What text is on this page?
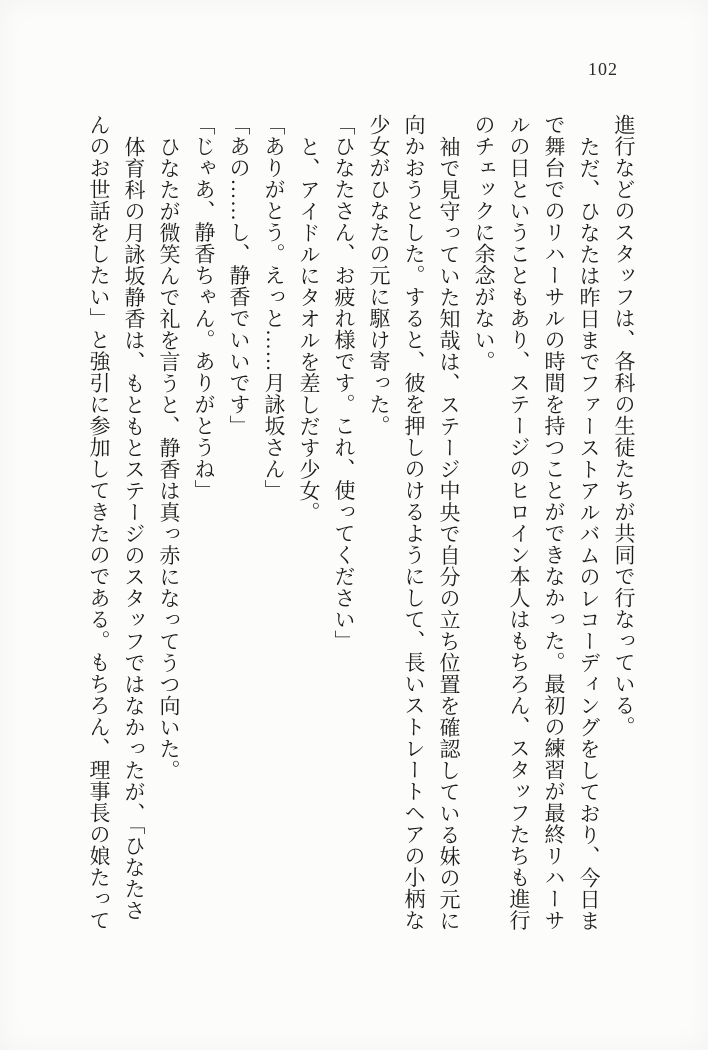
102
進行などのスタッフは、各科の生徒たちが共同で行なっている。
ただ、ひなたは昨日までファーストアルバムのレコーディングをしており、今日ま
で舞台でのリハーサルの時間を持つことができなかった。最初の練習が最終リハーサ
ルの日ということもあり、ステージのヒロイン本人はもちろん、スタッフたちも進行
のチェックに余念がない。
袖で見守っていた知哉は、ステージ中央で自分の立ち位置を確認している妹の元に
向かおうとした。すると、彼を押しのけるようにして、長いストレートヘアの小柄な
少女がひなたの元に駆け寄った。
「ひなたさん、お疲れ様です。これ、使ってください」
と、アイドルにタオルを差しだす少女。
「ありがとう。えっと……月詠坂さん」
「あの……し、静香でいいです」
「じゃあ、静香ちゃん。ありがとうね」
ひなたが微笑んで礼を言うと、静香は真っ赤になってうつ向いた。
体育科の月詠坂静香は、もともとステージのスタッフではなかったが、「ひなたさ
んのお世話をしたい」と強引に参加してきたのである。もちろん、理事長の娘たって
